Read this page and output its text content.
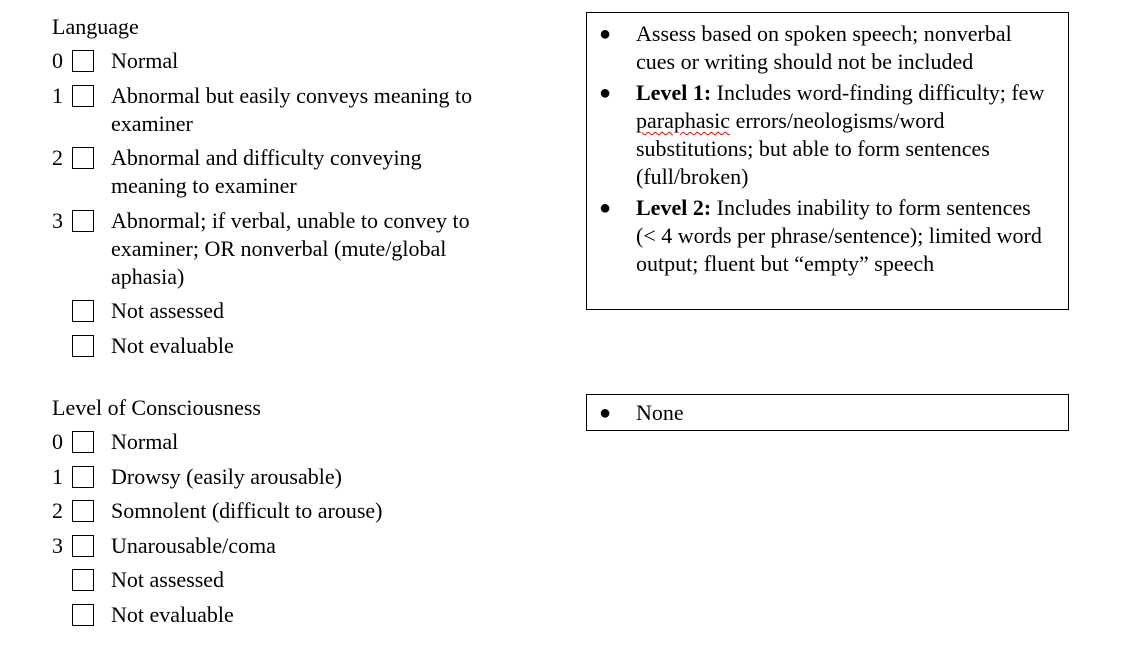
Language
0 Normal
1 Abnormal but easily conveys meaning to examiner
2 Abnormal and difficulty conveying meaning to examiner
3 Abnormal; if verbal, unable to convey to examiner; OR nonverbal (mute/global aphasia)
Not assessed
Not evaluable
● Assess based on spoken speech; nonverbal cues or writing should not be included
● Level 1: Includes word-finding difficulty; few paraphasic errors/neologisms/word substitutions; but able to form sentences (full/broken)
● Level 2: Includes inability to form sentences (< 4 words per phrase/sentence); limited word output; fluent but “empty” speech
Level of Consciousness
0 Normal
1 Drowsy (easily arousable)
2 Somnolent (difficult to arouse)
3 Unarousable/coma
Not assessed
Not evaluable
● None
